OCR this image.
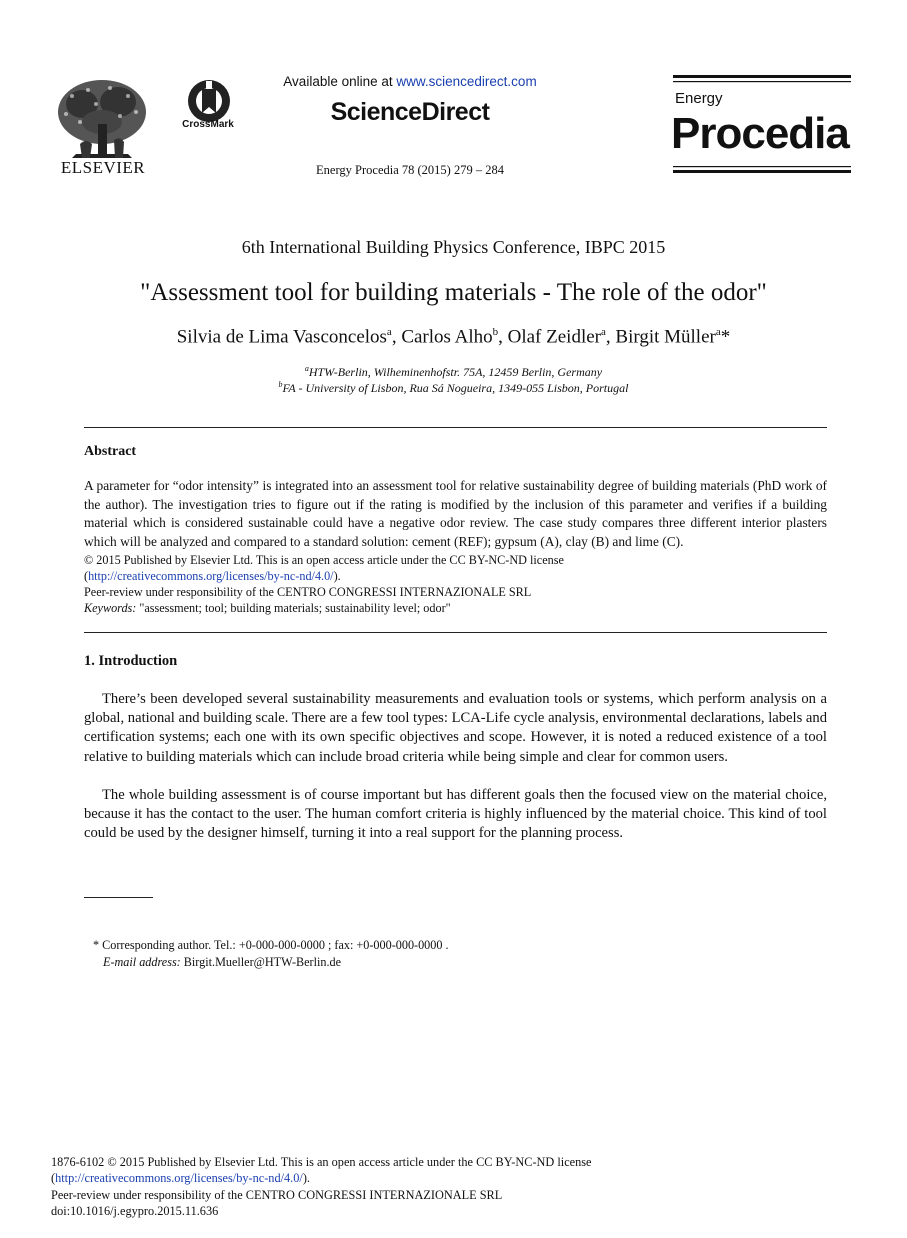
ELSEVIER
CrossMark
Available online at www.sciencedirect.com
ScienceDirect
Energy Procedia 78 (2015) 279 – 284
Energy
Procedia
6th International Building Physics Conference, IBPC 2015
"Assessment tool for building materials - The role of the odor"
Silvia de Lima Vasconcelos$^a$, Carlos Alho$^b$, Olaf Zeidler$^a$, Birgit Müller$^a$*
$^a$HTW-Berlin, Wilheminenhofstr. 75A, 12459 Berlin, Germany
$^b$FA - University of Lisbon, Rua Sá Nogueira, 1349-055 Lisbon, Portugal
Abstract
A parameter for “odor intensity” is integrated into an assessment tool for relative sustainability degree of building materials (PhD work of the author). The investigation tries to figure out if the rating is modified by the inclusion of this parameter and verifies if a building material which is considered sustainable could have a negative odor review. The case study compares three different interior plasters which will be analyzed and compared to a standard solution: cement (REF); gypsum (A), clay (B) and lime (C).
© 2015 Published by Elsevier Ltd. This is an open access article under the CC BY-NC-ND license
(http://creativecommons.org/licenses/by-nc-nd/4.0/).
Peer-review under responsibility of the CENTRO CONGRESSI INTERNAZIONALE SRL
Keywords: "assessment; tool; building materials; sustainability level; odor"
1. Introduction
There’s been developed several sustainability measurements and evaluation tools or systems, which perform analysis on a global, national and building scale. There are a few tool types: LCA-Life cycle analysis, environmental declarations, labels and certification systems; each one with its own specific objectives and scope. However, it is noted a reduced existence of a tool relative to building materials which can include broad criteria while being simple and clear for common users.
The whole building assessment is of course important but has different goals then the focused view on the material choice, because it has the contact to the user. The human comfort criteria is highly influenced by the material choice. This kind of tool could be used by the designer himself, turning it into a real support for the planning process.
* Corresponding author. Tel.: +0-000-000-0000 ; fax: +0-000-000-0000 .
E-mail address: Birgit.Mueller@HTW-Berlin.de
1876-6102 © 2015 Published by Elsevier Ltd. This is an open access article under the CC BY-NC-ND license
(http://creativecommons.org/licenses/by-nc-nd/4.0/).
Peer-review under responsibility of the CENTRO CONGRESSI INTERNAZIONALE SRL
doi:10.1016/j.egypro.2015.11.636
